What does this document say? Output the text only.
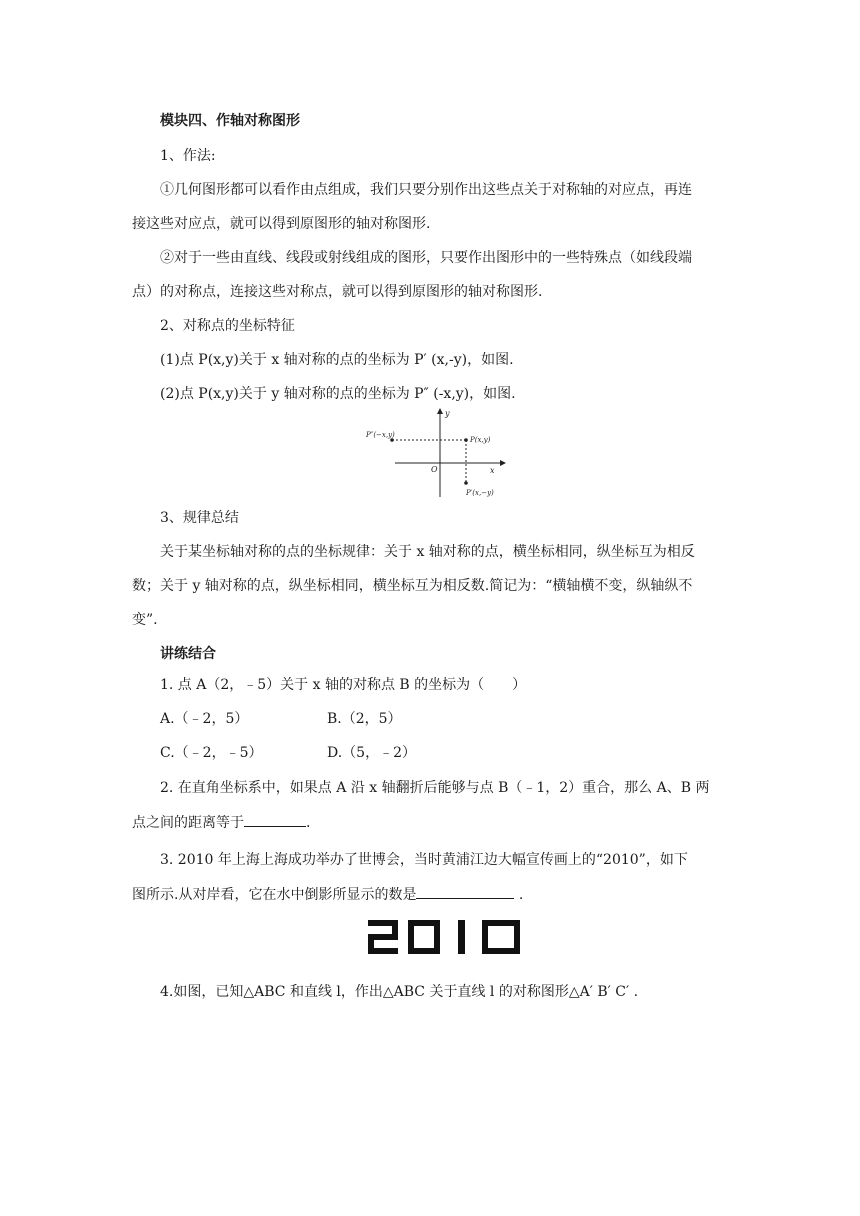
模块四、作轴对称图形
1、作法:
①几何图形都可以看作由点组成，我们只要分别作出这些点关于对称轴的对应点，再连
接这些对应点，就可以得到原图形的轴对称图形.
②对于一些由直线、线段或射线组成的图形，只要作出图形中的一些特殊点（如线段端
点）的对称点，连接这些对称点，就可以得到原图形的轴对称图形.
2、对称点的坐标特征
(1)点 P(x,y)关于 x 轴对称的点的坐标为 P′ (x,-y)，如图.
(2)点 P(x,y)关于 y 轴对称的点的坐标为 P″ (-x,y)，如图.
y
x
O
P(x,y)
P″(−x,y)
P′(x,−y)
3、规律总结
关于某坐标轴对称的点的坐标规律：关于 x 轴对称的点，横坐标相同，纵坐标互为相反
数；关于 y 轴对称的点，纵坐标相同，横坐标互为相反数.简记为：“横轴横不变，纵轴纵不
变”.
讲练结合
1. 点 A（2，﹣5）关于 x 轴的对称点 B 的坐标为（　　）
A.（﹣2，5）	B.（2，5）
C.（﹣2，﹣5）	D.（5，﹣2）
2. 在直角坐标系中，如果点 A 沿 x 轴翻折后能够与点 B（﹣1，2）重合，那么 A、B 两
点之间的距离等于	.
3. 2010 年上海上海成功举办了世博会，当时黄浦江边大幅宣传画上的“2010”，如下
图所示.从对岸看，它在水中倒影所显示的数是	.
4.如图，已知△ABC 和直线 l，作出△ABC 关于直线 l 的对称图形△A′ B′ C′ .
